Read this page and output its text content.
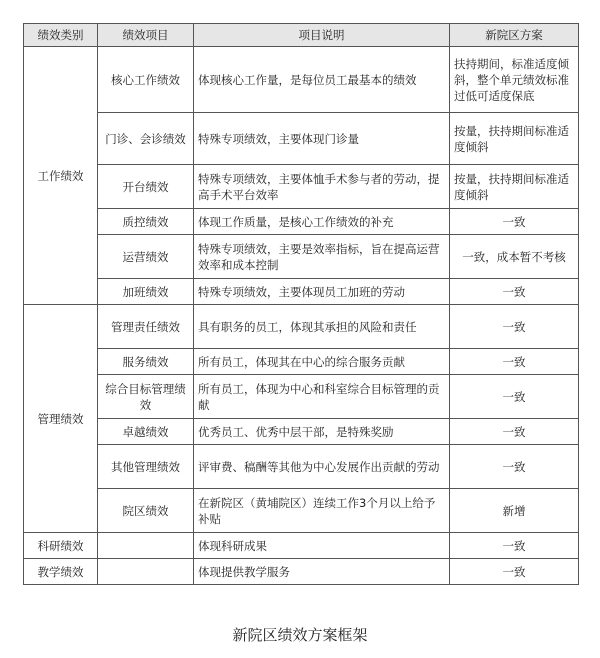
绩效类别	绩效项目	项目说明	新院区方案
工作绩效	核心工作绩效	体现核心工作量，是每位员工最基本的绩效	扶持期间，标准适度倾斜，整个单元绩效标准过低可适度保底
	门诊、会诊绩效	特殊专项绩效，主要体现门诊量	按量，扶持期间标准适度倾斜
	开台绩效	特殊专项绩效，主要体恤手术参与者的劳动，提高手术平台效率	按量，扶持期间标准适度倾斜
	质控绩效	体现工作质量，是核心工作绩效的补充	一致
	运营绩效	特殊专项绩效，主要是效率指标，旨在提高运营效率和成本控制	一致，成本暂不考核
	加班绩效	特殊专项绩效，主要体现员工加班的劳动	一致
管理绩效	管理责任绩效	具有职务的员工，体现其承担的风险和责任	一致
	服务绩效	所有员工，体现其在中心的综合服务贡献	一致
	综合目标管理绩效	所有员工，体现为中心和科室综合目标管理的贡献	一致
	卓越绩效	优秀员工、优秀中层干部，是特殊奖励	一致
	其他管理绩效	评审费、稿酬等其他为中心发展作出贡献的劳动	一致
	院区绩效	在新院区（黄埔院区）连续工作3个月以上给予补贴	新增
科研绩效		体现科研成果	一致
教学绩效		体现提供教学服务	一致
新院区绩效方案框架
